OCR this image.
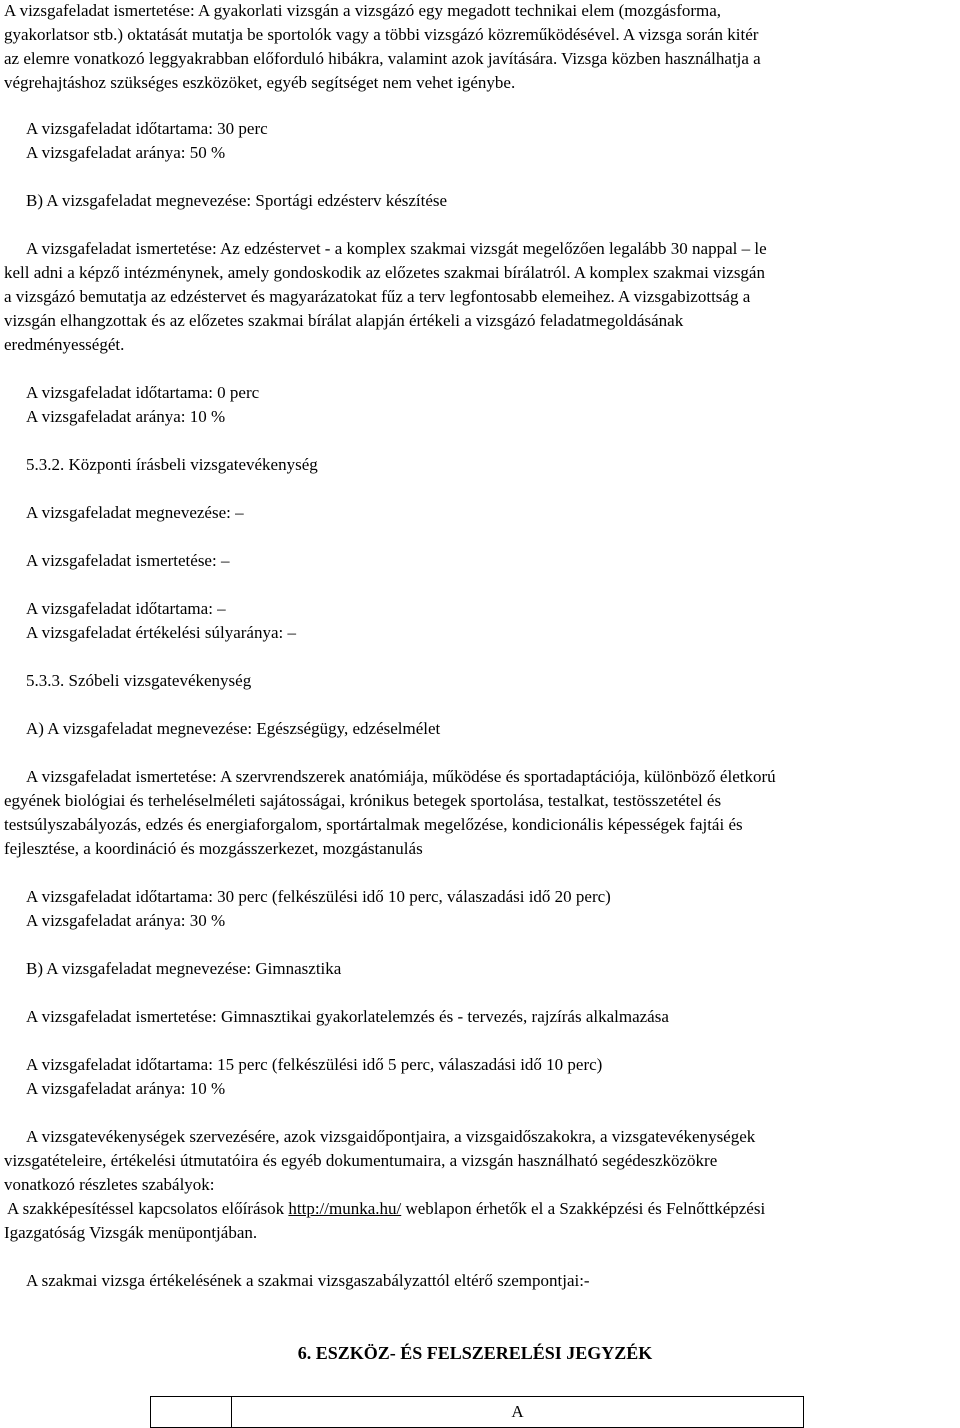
A vizsgafeladat ismertetése: A gyakorlati vizsgán a vizsgázó egy megadott technikai elem (mozgásforma,

gyakorlatsor stb.) oktatását mutatja be sportolók vagy a többi vizsgázó közreműködésével. A vizsga során kitér

az elemre vonatkozó leggyakrabban előforduló hibákra, valamint azok javítására. Vizsga közben használhatja a

végrehajtáshoz szükséges eszközöket, egyéb segítséget nem vehet igénybe.

A vizsgafeladat időtartama: 30 perc

A vizsgafeladat aránya: 50 %

B) A vizsgafeladat megnevezése: Sportági edzésterv készítése

A vizsgafeladat ismertetése: Az edzéstervet - a komplex szakmai vizsgát megelőzően legalább 30 nappal – le

kell adni a képző intézménynek, amely gondoskodik az előzetes szakmai bírálatról. A komplex szakmai vizsgán

a vizsgázó bemutatja az edzéstervet és magyarázatokat fűz a terv legfontosabb elemeihez. A vizsgabizottság a

vizsgán elhangzottak és az előzetes szakmai bírálat alapján értékeli a vizsgázó feladatmegoldásának

eredményességét.

A vizsgafeladat időtartama: 0 perc

A vizsgafeladat aránya: 10 %

5.3.2. Központi írásbeli vizsgatevékenység

A vizsgafeladat megnevezése: –

A vizsgafeladat ismertetése: –

A vizsgafeladat időtartama: –

A vizsgafeladat értékelési súlyaránya: –

5.3.3. Szóbeli vizsgatevékenység

A) A vizsgafeladat megnevezése: Egészségügy, edzéselmélet

A vizsgafeladat ismertetése: A szervrendszerek anatómiája, működése és sportadaptációja, különböző életkorú

egyének biológiai és terheléselméleti sajátosságai, krónikus betegek sportolása, testalkat, testösszetétel és

testsúlyszabályozás, edzés és energiaforgalom, sportártalmak megelőzése, kondicionális képességek fajtái és

fejlesztése, a koordináció és mozgásszerkezet, mozgástanulás

A vizsgafeladat időtartama: 30 perc (felkészülési idő 10 perc, válaszadási idő 20 perc)

A vizsgafeladat aránya: 30 %

B) A vizsgafeladat megnevezése: Gimnasztika

A vizsgafeladat ismertetése: Gimnasztikai gyakorlatelemzés és - tervezés, rajzírás alkalmazása

A vizsgafeladat időtartama: 15 perc (felkészülési idő 5 perc, válaszadási idő 10 perc)

A vizsgafeladat aránya: 10 %

A vizsgatevékenységek szervezésére, azok vizsgaidőpontjaira, a vizsgaidőszakokra, a vizsgatevékenységek

vizsgatételeire, értékelési útmutatóira és egyéb dokumentumaira, a vizsgán használható segédeszközökre

vonatkozó részletes szabályok:

A szakképesítéssel kapcsolatos előírások http://munka.hu/ weblapon érhetők el a Szakképzési és Felnőttképzési

Igazgatóság Vizsgák menüpontjában.

A szakmai vizsga értékelésének a szakmai vizsgaszabályzattól eltérő szempontjai:-

6. ESZKÖZ- ÉS FELSZERELÉSI JEGYZÉK

	A
